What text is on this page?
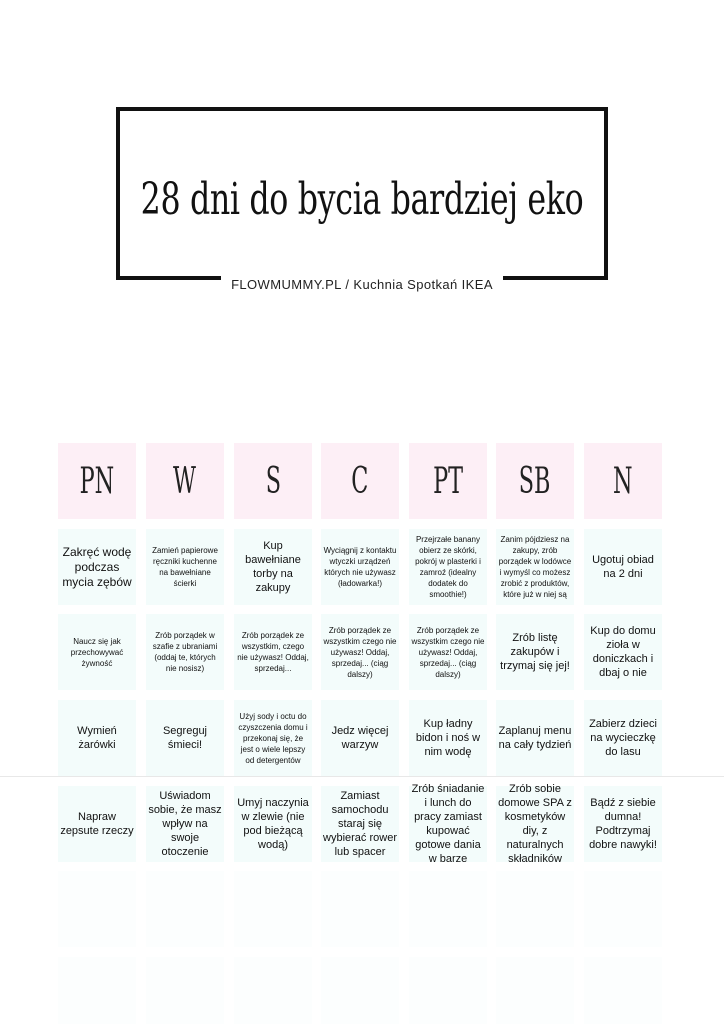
28 dni do bycia bardziej eko
FLOWMUMMY.PL / Kuchnia Spotkań IKEA
PN W S C PT SB N
Zakręć wodę podczas mycia zębów
Zamień papierowe ręczniki kuchenne na bawełniane ścierki
Kup bawełniane torby na zakupy
Wyciągnij z kontaktu wtyczki urządzeń których nie używasz (ładowarka!)
Przejrzałe banany obierz ze skórki, pokrój w plasterki i zamroź (idealny dodatek do smoothie!)
Zanim pójdziesz na zakupy, zrób porządek w lodówce i wymyśl co możesz zrobić z produktów, które już w niej są
Ugotuj obiad na 2 dni
Naucz się jak przechowywać żywność
Zrób porządek w szafie z ubraniami (oddaj te, których nie nosisz)
Zrób porządek ze wszystkim, czego nie używasz! Oddaj, sprzedaj...
Zrób porządek ze wszystkim czego nie używasz! Oddaj, sprzedaj... (ciąg dalszy)
Zrób porządek ze wszystkim czego nie używasz! Oddaj, sprzedaj... (ciąg dalszy)
Zrób listę zakupów i trzymaj się jej!
Kup do domu zioła w doniczkach i dbaj o nie
Wymień żarówki
Segreguj śmieci!
Użyj sody i octu do czyszczenia domu i przekonaj się, że jest o wiele lepszy od detergentów
Jedz więcej warzyw
Kup ładny bidon i noś w nim wodę
Zaplanuj menu na cały tydzień
Zabierz dzieci na wycieczkę do lasu
Napraw zepsute rzeczy
Uświadom sobie, że masz wpływ na swoje otoczenie
Umyj naczynia w zlewie (nie pod bieżącą wodą)
Zamiast samochodu staraj się wybierać rower lub spacer
Zrób śniadanie i lunch do pracy zamiast kupować gotowe dania w barze
Zrób sobie domowe SPA z kosmetyków diy, z naturalnych składników
Bądź z siebie dumna! Podtrzymaj dobre nawyki!
